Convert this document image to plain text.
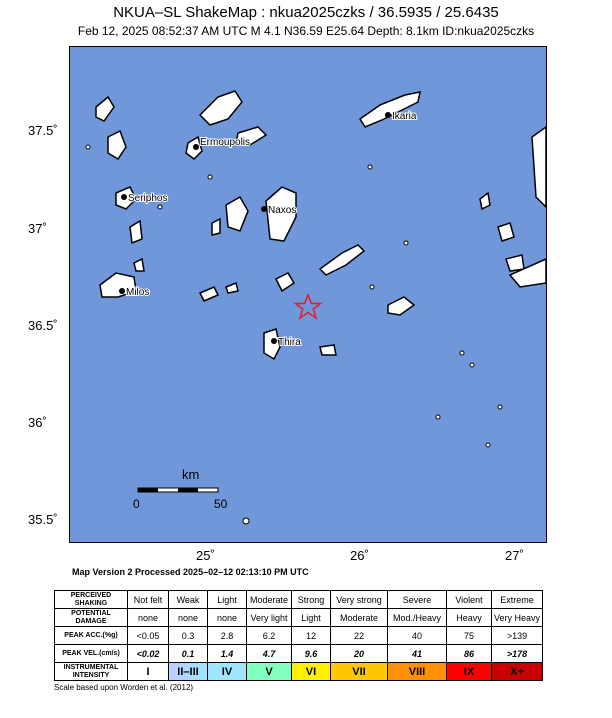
NKUA–SL ShakeMap : nkua2025czks / 36.5935 / 25.6435
Feb 12, 2025 08:52:37 AM UTC M 4.1 N36.59 E25.64 Depth: 8.1km ID:nkua2025czks
Ikaria
Ermoupolis
Seriphos
Naxos
Milos
Thira
km
0	50
37.5˚
37˚
36.5˚
36˚
35.5˚
25˚	26˚	27˚
Map Version 2 Processed 2025–02–12 02:13:10 PM UTC
PERCEIVED SHAKING	Not felt	Weak	Light	Moderate	Strong	Very strong	Severe	Violent	Extreme
POTENTIAL DAMAGE	none	none	none	Very light	Light	Moderate	Mod./Heavy	Heavy	Very Heavy
PEAK ACC.(%g)	<0.05	0.3	2.8	6.2	12	22	40	75	>139
PEAK VEL.(cm/s)	<0.02	0.1	1.4	4.7	9.6	20	41	86	>178
INSTRUMENTAL INTENSITY	I	II–III	IV	V	VI	VII	VIII	IX	X+
Scale based upon Worden et al. (2012)
